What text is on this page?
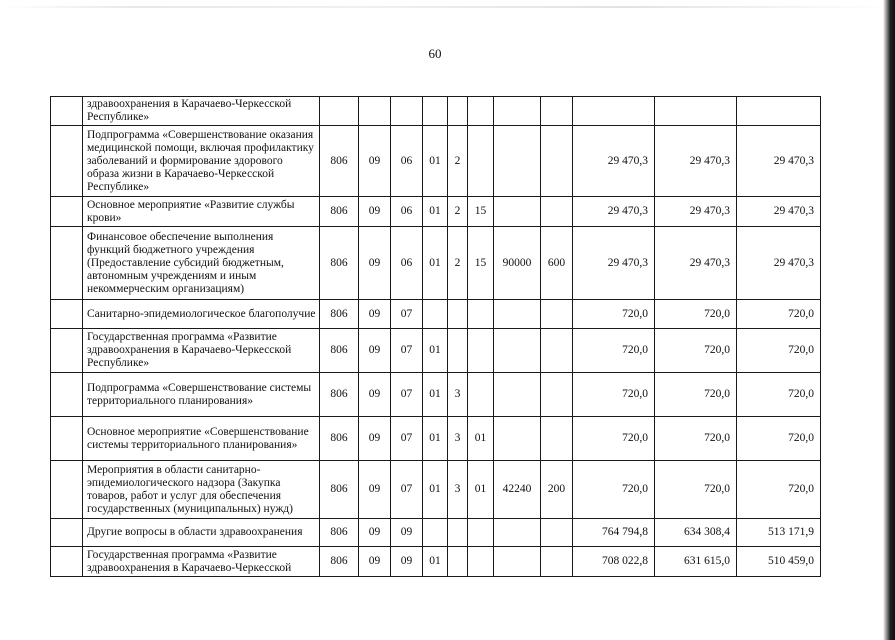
60
	здравоохранения в Карачаево-Черкесской Республике»											
	Подпрограмма «Совершенствование оказания медицинской помощи, включая профилактику заболеваний и формирование здорового образа жизни в Карачаево-Черкесской Республике»	806	09	06	01	2				29 470,3	29 470,3	29 470,3
	Основное мероприятие «Развитие службы крови»	806	09	06	01	2	15			29 470,3	29 470,3	29 470,3
	Финансовое обеспечение выполнения функций бюджетного учреждения (Предоставление субсидий бюджетным, автономным учреждениям и иным некоммерческим организациям)	806	09	06	01	2	15	90000	600	29 470,3	29 470,3	29 470,3
	Санитарно-эпидемиологическое благополучие	806	09	07						720,0	720,0	720,0
	Государственная программа «Развитие здравоохранения в Карачаево-Черкесской Республике»	806	09	07	01					720,0	720,0	720,0
	Подпрограмма «Совершенствование системы территориального планирования»	806	09	07	01	3				720,0	720,0	720,0
	Основное мероприятие «Совершенствование системы территориального планирования»	806	09	07	01	3	01			720,0	720,0	720,0
	Мероприятия в области санитарно-эпидемиологического надзора (Закупка товаров, работ и услуг для обеспечения государственных (муниципальных) нужд)	806	09	07	01	3	01	42240	200	720,0	720,0	720,0
	Другие вопросы в области здравоохранения	806	09	09						764 794,8	634 308,4	513 171,9
	Государственная программа «Развитие здравоохранения в Карачаево-Черкесской	806	09	09	01					708 022,8	631 615,0	510 459,0
